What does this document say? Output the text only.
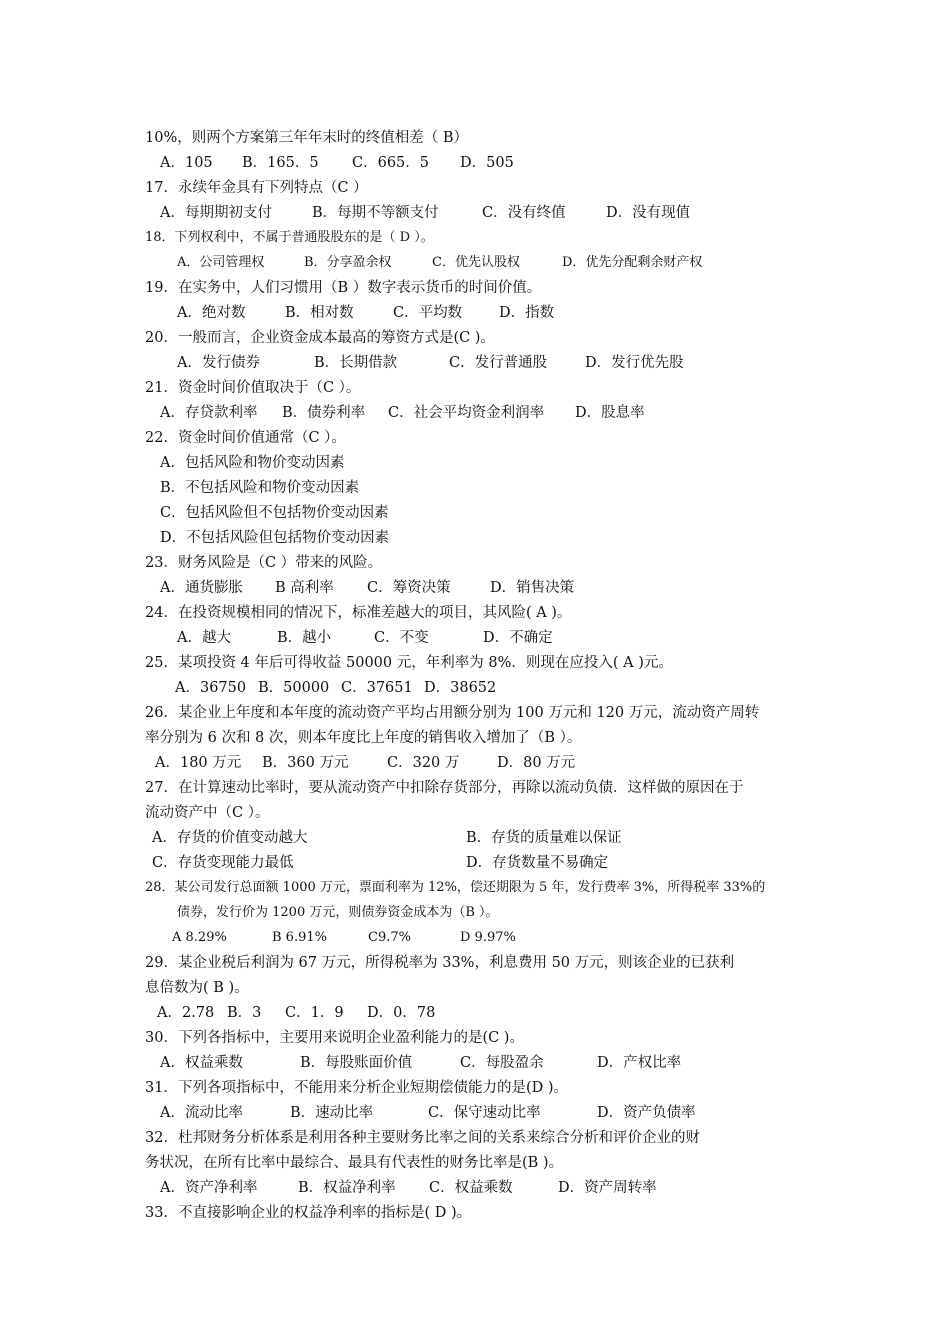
10%，则两个方案第三年年末时的终值相差（ B）
A．105 B．165．5 C．665．5 D．505
17．永续年金具有下列特点（C ）
A．每期期初支付	B．每期不等额支付	C．没有终值	D．没有现值
18．下列权利中，不属于普通股股东的是（ D ）。
A．公司管理权	B．分享盈余权	C．优先认股权	D．优先分配剩余财产权
19．在实务中，人们习惯用（B ）数字表示货币的时间价值。
A．绝对数	B．相对数	C．平均数	D．指数
20．一般而言，企业资金成本最高的筹资方式是(C )。
A．发行债券	B．长期借款	C．发行普通股	D．发行优先股
21．资金时间价值取决于（C ）。
A．存贷款利率 B．债券利率 C．社会平均资金利润率 D．股息率
22．资金时间价值通常（C ）。
A．包括风险和物价变动因素
B．不包括风险和物价变动因素
C．包括风险但不包括物价变动因素
D．不包括风险但包括物价变动因素
23．财务风险是（C ）带来的风险。
A．通货膨胀 B 高利率 C．筹资决策	D．销售决策
24．在投资规模相同的情况下，标准差越大的项目，其风险( A )。
A．越大	B．越小	C．不变	D．不确定
25．某项投资 4 年后可得收益 50000 元，年利率为 8%．则现在应投入( A )元。
A．36750 B．50000 C．37651 D．38652
26．某企业上年度和本年度的流动资产平均占用额分别为 100 万元和 120 万元，流动资产周转
率分别为 6 次和 8 次，则本年度比上年度的销售收入增加了（B ）。
A．180 万元 B．360 万元	C．320 万	D．80 万元
27．在计算速动比率时，要从流动资产中扣除存货部分，再除以流动负债．这样做的原因在于
流动资产中（C ）。
A．存货的价值变动越大	B．存货的质量难以保证
C．存货变现能力最低	D．存货数量不易确定
28．某公司发行总面额 1000 万元，票面利率为 12%，偿还期限为 5 年，发行费率 3%，所得税率 33%的
债券，发行价为 1200 万元，则债券资金成本为（B ）。
A 8.29%	B 6.91%	C9.7%	D 9.97%
29．某企业税后利润为 67 万元，所得税率为 33%，利息费用 50 万元，则该企业的已获利
息倍数为( B )。
A．2.78 B．3 C．1．9 D．0．78
30．下列各指标中，主要用来说明企业盈利能力的是(C )。
A．权益乘数	B．每股账面价值	C．每股盈余	D．产权比率
31．下列各项指标中，不能用来分析企业短期偿债能力的是(D )。
A．流动比率	B．速动比率	C．保守速动比率	D．资产负债率
32．杜邦财务分析体系是利用各种主要财务比率之间的关系来综合分析和评价企业的财
务状况，在所有比率中最综合、最具有代表性的财务比率是(B )。
A．资产净利率	B．权益净利率 C．权益乘数	D．资产周转率
33．不直接影响企业的权益净利率的指标是( D )。
